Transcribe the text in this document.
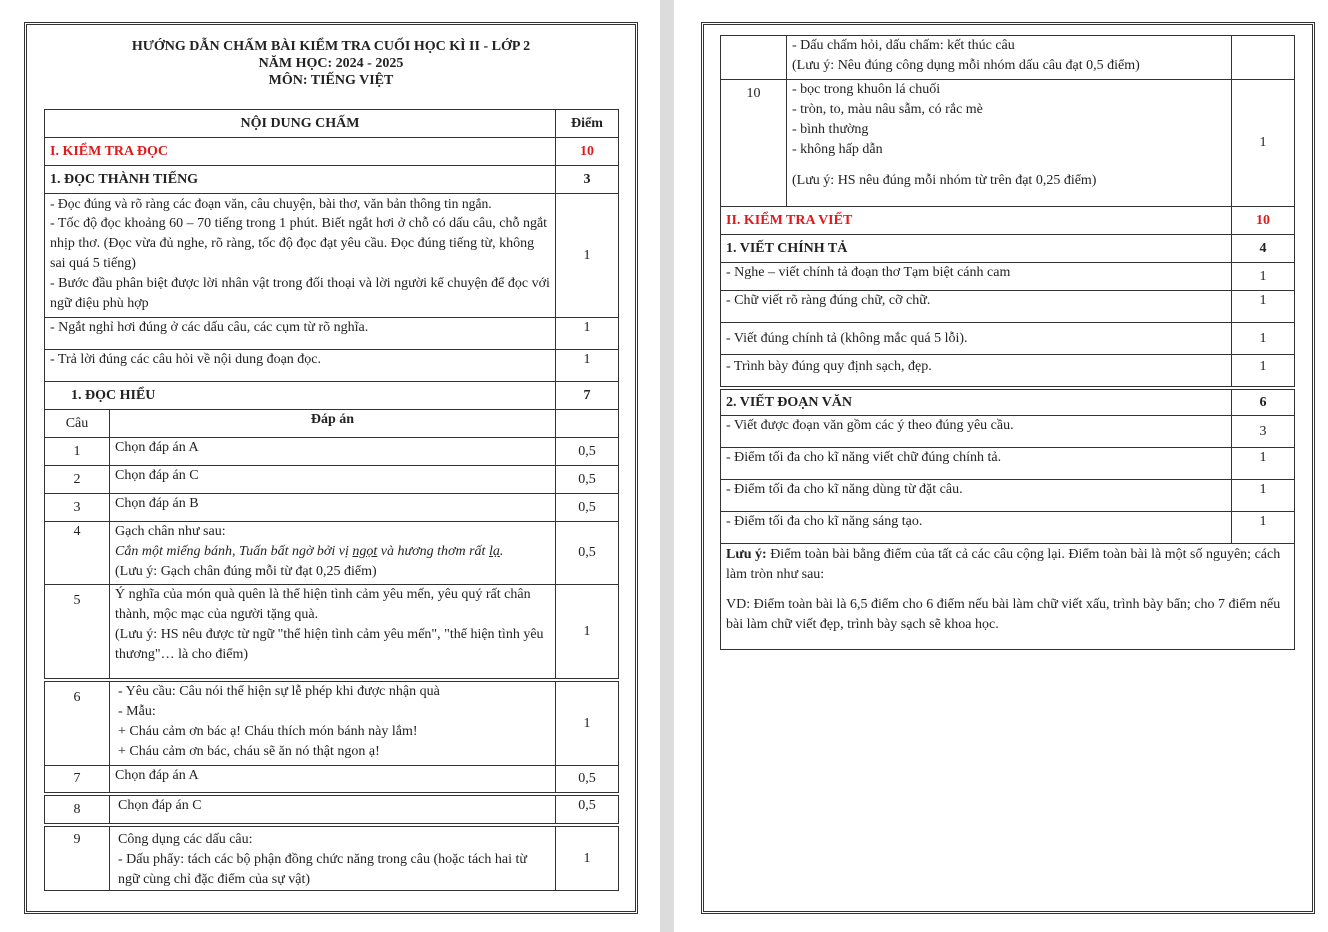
HƯỚNG DẪN CHẤM BÀI KIỂM TRA CUỐI HỌC KÌ II - LỚP 2
NĂM HỌC: 2024 - 2025
MÔN: TIẾNG VIỆT
NỘI DUNG CHẤM		Điểm
I. KIỂM TRA ĐỌC		10
1. ĐỌC THÀNH TIẾNG		3

- Đọc đúng và rõ ràng các đoạn văn, câu chuyện, bài thơ, văn bản thông tin ngắn.
- Tốc độ đọc khoảng 60 – 70 tiếng trong 1 phút. Biết ngắt hơi ở chỗ có dấu câu, chỗ ngắt nhịp thơ. (Đọc vừa đủ nghe, rõ ràng, tốc độ đọc đạt yêu cầu. Đọc đúng tiếng từ, không sai quá 5 tiếng)
- Bước đầu phân biệt được lời nhân vật trong đối thoại và lời người kể chuyện để đọc với ngữ điệu phù hợp		1
- Ngắt nghỉ hơi đúng ở các dấu câu, các cụm từ rõ nghĩa.		1
- Trả lời đúng các câu hỏi về nội dung đoạn đọc.		1
1. ĐỌC HIỂU		7
Câu	Đáp án	
1	Chọn đáp án A	0,5
2	Chọn đáp án C	0,5
3	Chọn đáp án B	0,5
4	Gạch chân như sau:
Cắn một miếng bánh, Tuấn bất ngờ bởi vị ngọt và hương thơm rất lạ.
(Lưu ý: Gạch chân đúng mỗi từ đạt 0,25 điểm)	0,5
5	Ý nghĩa của món quà quên là thể hiện tình cảm yêu mến, yêu quý rất chân thành, mộc mạc của người tặng quà.
(Lưu ý: HS nêu được từ ngữ "thể hiện tình cảm yêu mến", "thể hiện tình yêu thương"… là cho điểm)	1

6	- Yêu cầu: Câu nói thể hiện sự lễ phép khi được nhận quà
- Mẫu:
+ Cháu cảm ơn bác ạ! Cháu thích món bánh này lắm!
+ Cháu cảm ơn bác, cháu sẽ ăn nó thật ngon ạ!	1
7	Chọn đáp án A	0,5

8	Chọn đáp án C	0,5

9	Công dụng các dấu câu:
- Dấu phẩy: tách các bộ phận đồng chức năng trong câu (hoặc tách hai từ ngữ cùng chỉ đặc điểm của sự vật)	1

	- Dấu chấm hỏi, dấu chấm: kết thúc câu
(Lưu ý: Nêu đúng công dụng mỗi nhóm dấu câu đạt 0,5 điểm)	

10	- bọc trong khuôn lá chuối
- tròn, to, màu nâu sẫm, có rắc mè
- bình thường
- không hấp dẫn
(Lưu ý: HS nêu đúng mỗi nhóm từ trên đạt 0,25 điểm)	1
II. KIỂM TRA VIẾT		10
1. VIẾT CHÍNH TẢ		4
- Nghe – viết chính tả đoạn thơ Tạm biệt cánh cam		1
- Chữ viết rõ ràng đúng chữ, cỡ chữ.		1
- Viết đúng chính tả (không mắc quá 5 lỗi).		1
- Trình bày đúng quy định sạch, đẹp.		1

2. VIẾT ĐOẠN VĂN		6
- Viết được đoạn văn gồm các ý theo đúng yêu cầu.		3
- Điểm tối đa cho kĩ năng viết chữ đúng chính tả.		1
- Điểm tối đa cho kĩ năng dùng từ đặt câu.		1
- Điểm tối đa cho kĩ năng sáng tạo.		1

Lưu ý: Điểm toàn bài bằng điểm của tất cả các câu cộng lại. Điểm toàn bài là một số nguyên; cách làm tròn như sau:
VD: Điểm toàn bài là 6,5 điểm cho 6 điểm nếu bài làm chữ viết xấu, trình bày bẩn; cho 7 điểm nếu bài làm chữ viết đẹp, trình bày sạch sẽ khoa học.		
